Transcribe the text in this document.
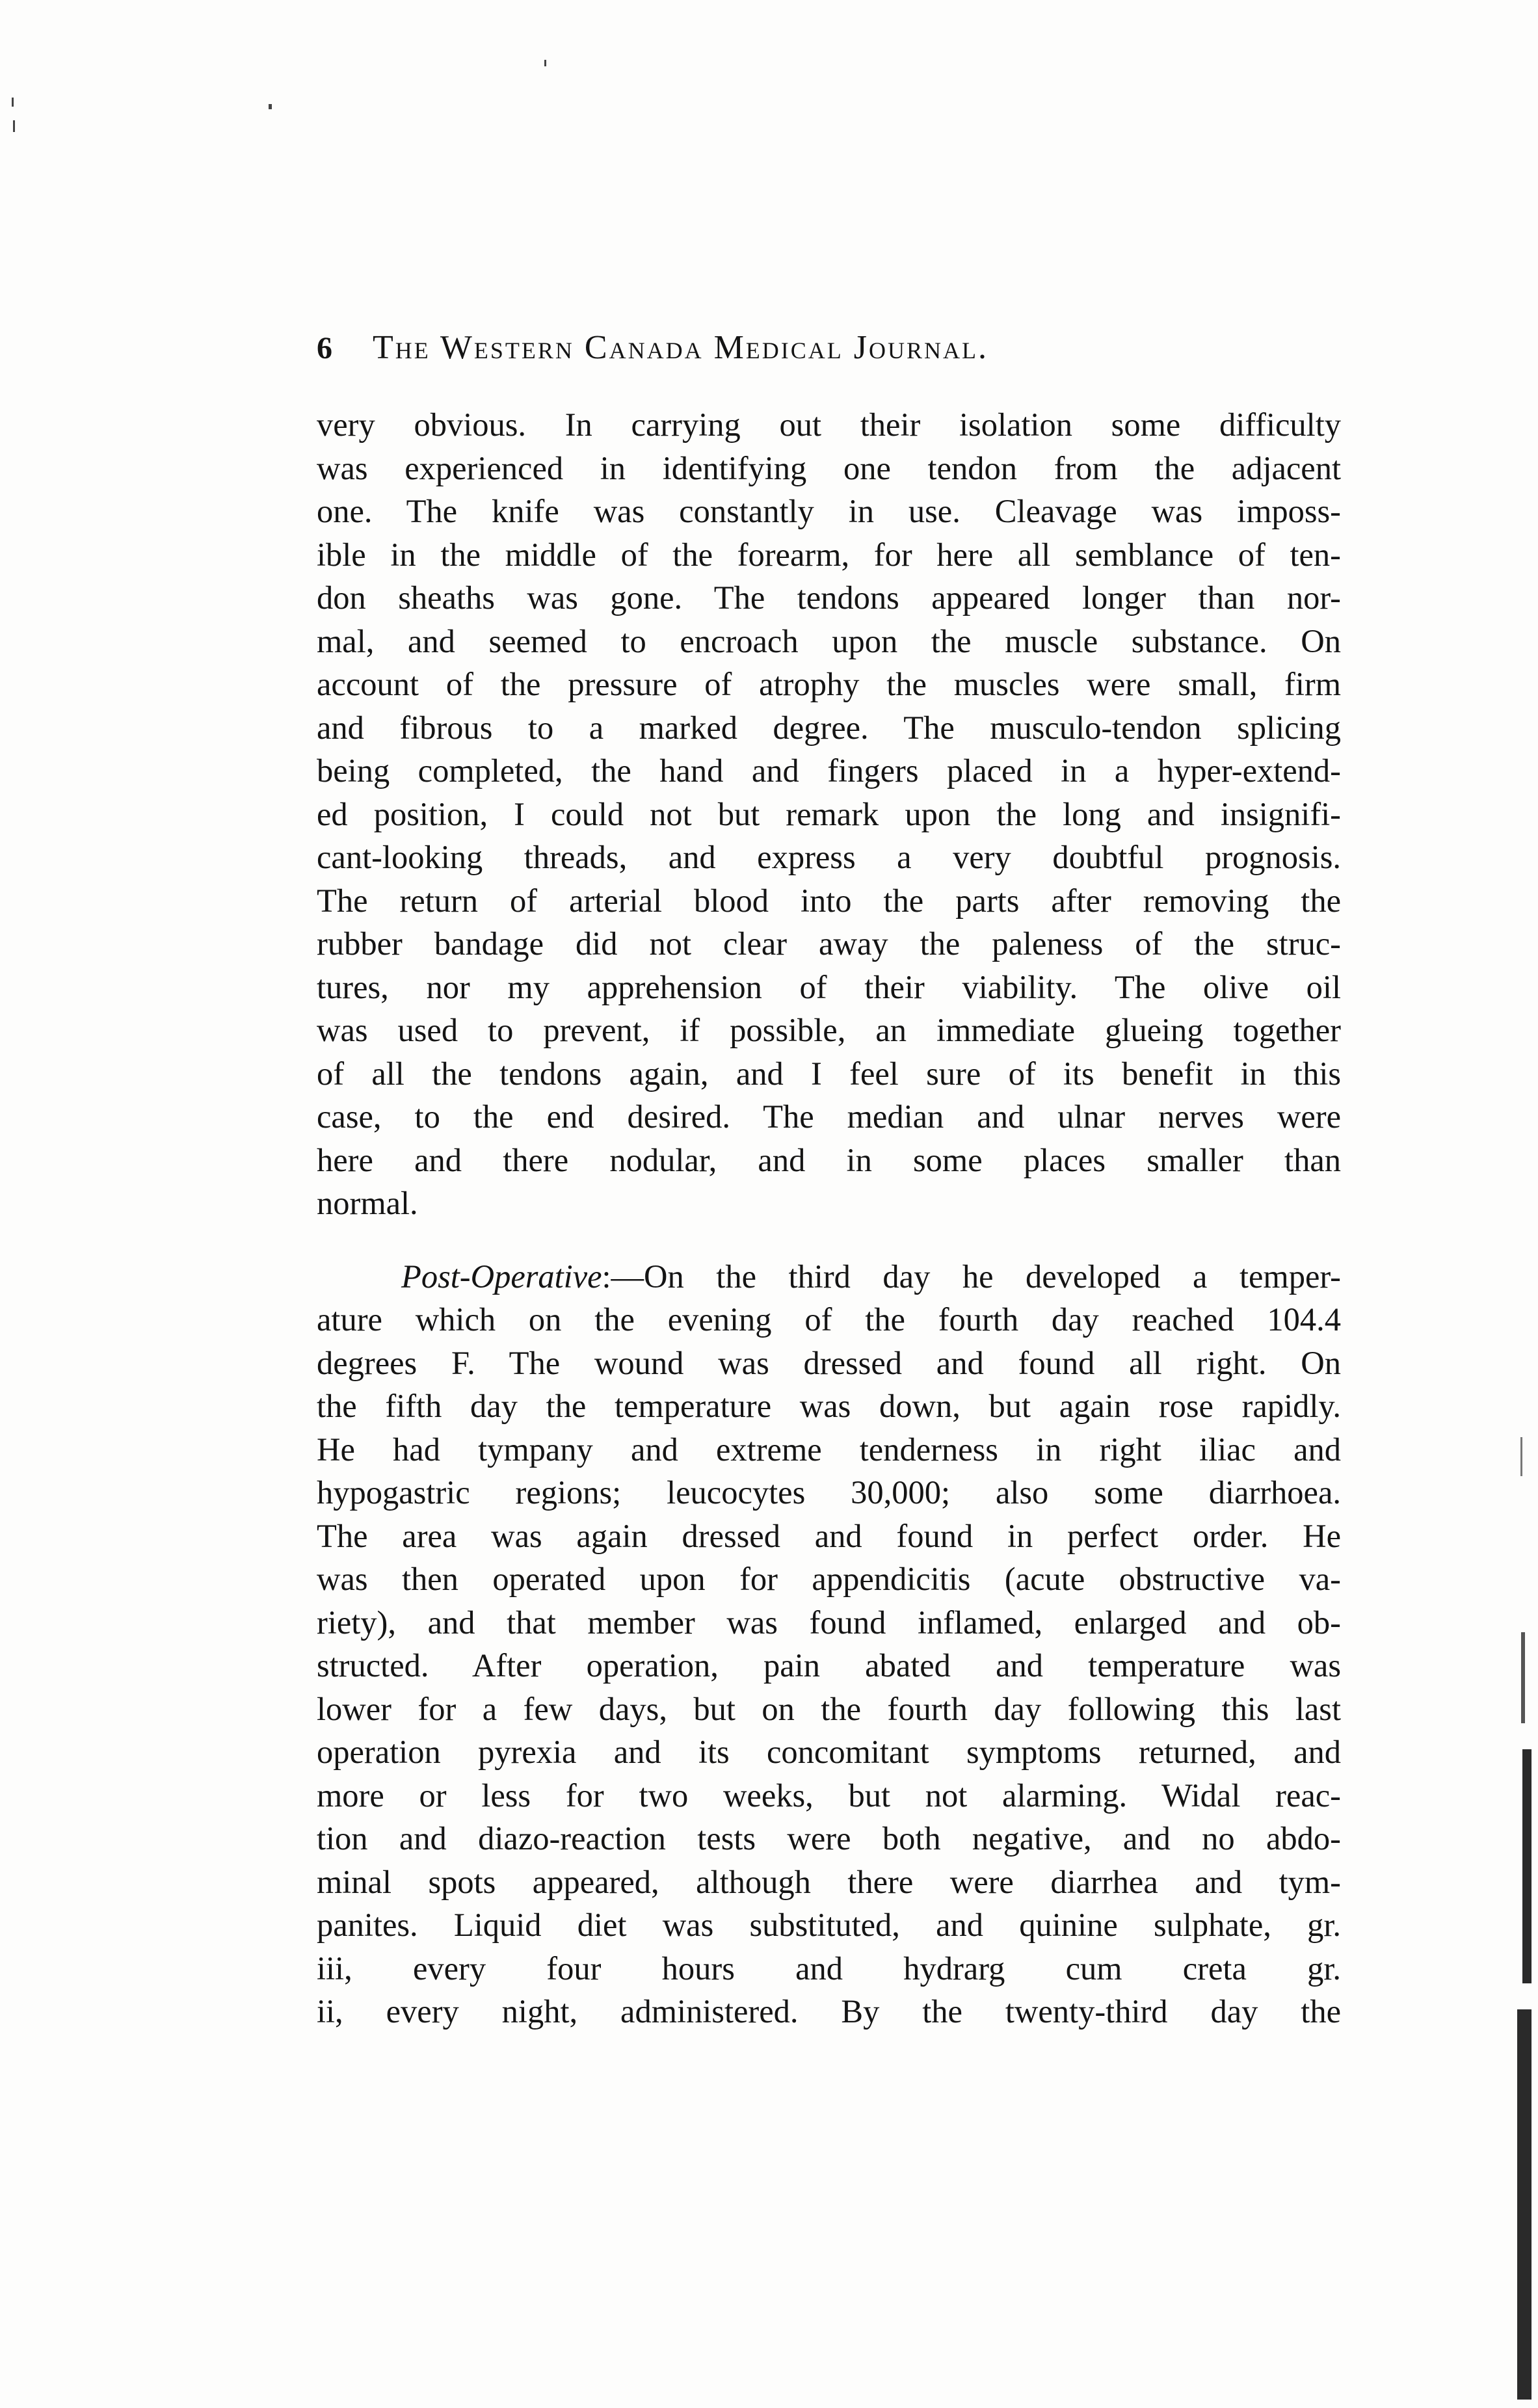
6 The Western Canada Medical Journal.
very obvious. In carrying out their isolation some difficulty
was experienced in identifying one tendon from the adjacent
one. The knife was constantly in use. Cleavage was imposs-
ible in the middle of the forearm, for here all semblance of ten-
don sheaths was gone. The tendons appeared longer than nor-
mal, and seemed to encroach upon the muscle substance. On
account of the pressure of atrophy the muscles were small, firm
and fibrous to a marked degree. The musculo-tendon splicing
being completed, the hand and fingers placed in a hyper-extend-
ed position, I could not but remark upon the long and insignifi-
cant-looking threads, and express a very doubtful prognosis.
The return of arterial blood into the parts after removing the
rubber bandage did not clear away the paleness of the struc-
tures, nor my apprehension of their viability. The olive oil
was used to prevent, if possible, an immediate glueing together
of all the tendons again, and I feel sure of its benefit in this
case, to the end desired. The median and ulnar nerves were
here and there nodular, and in some places smaller than
normal.
Post-Operative:—On the third day he developed a temper-
ature which on the evening of the fourth day reached 104.4
degrees F. The wound was dressed and found all right. On
the fifth day the temperature was down, but again rose rapidly.
He had tympany and extreme tenderness in right iliac and
hypogastric regions; leucocytes 30,000; also some diarrhoea.
The area was again dressed and found in perfect order. He
was then operated upon for appendicitis (acute obstructive va-
riety), and that member was found inflamed, enlarged and ob-
structed. After operation, pain abated and temperature was
lower for a few days, but on the fourth day following this last
operation pyrexia and its concomitant symptoms returned, and
more or less for two weeks, but not alarming. Widal reac-
tion and diazo-reaction tests were both negative, and no abdo-
minal spots appeared, although there were diarrhea and tym-
panites. Liquid diet was substituted, and quinine sulphate, gr.
iii, every four hours and hydrarg cum creta gr.
ii, every night, administered. By the twenty-third day the
